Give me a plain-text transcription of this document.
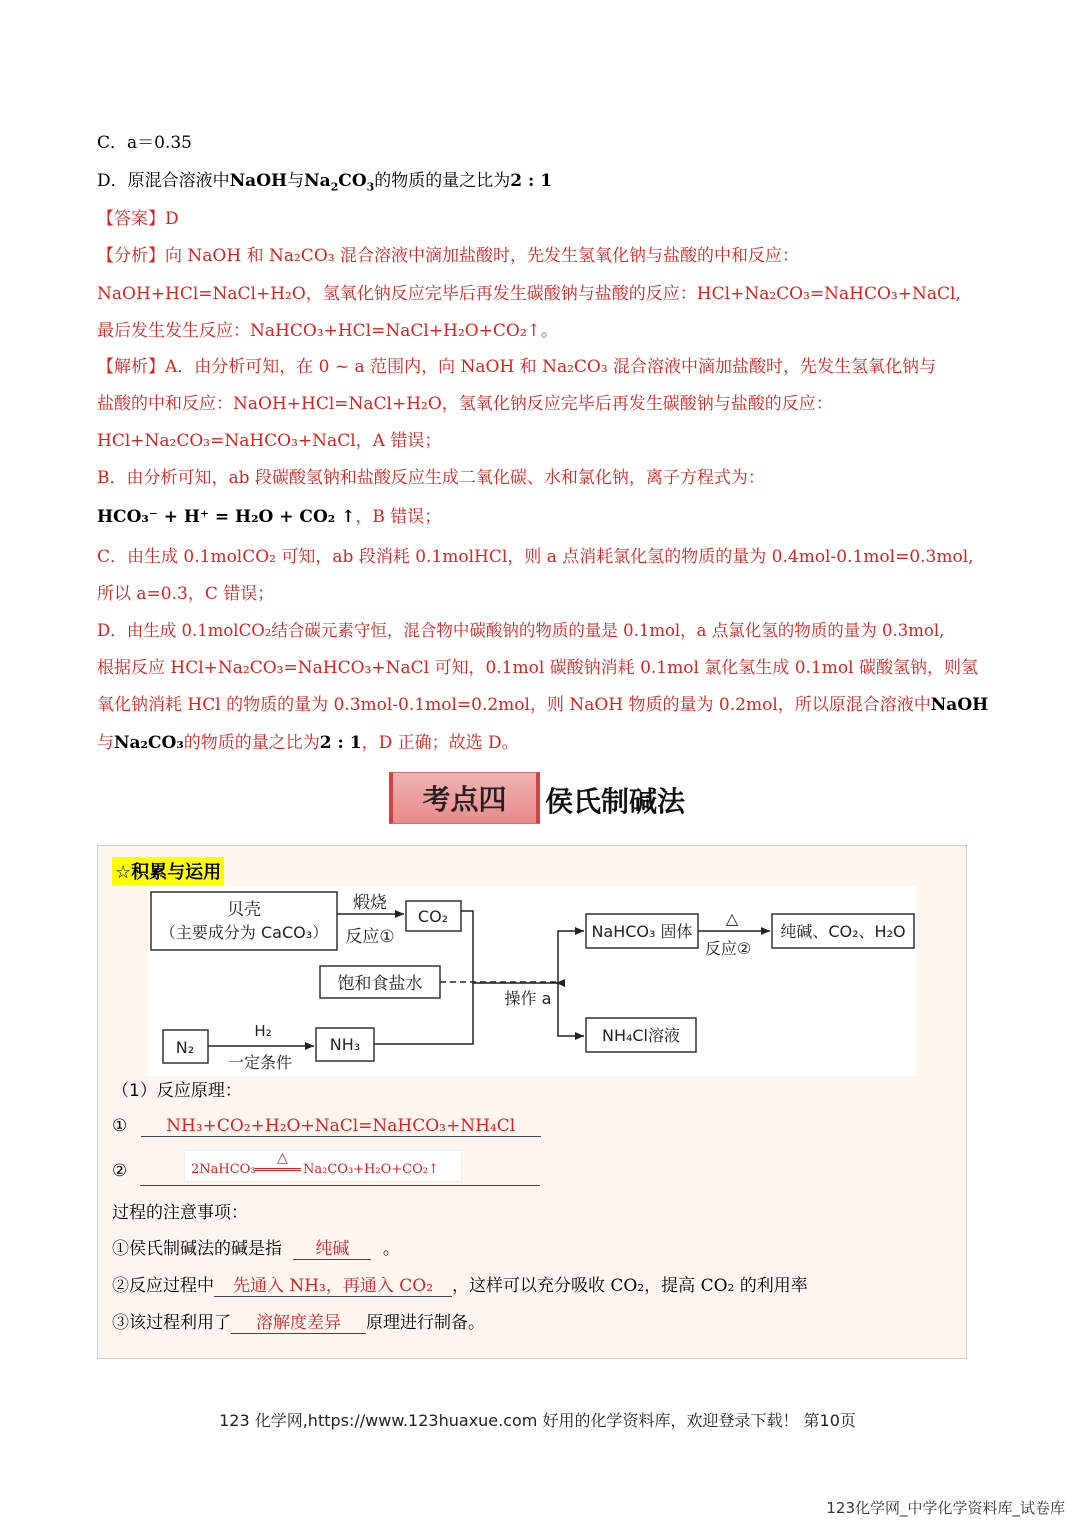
C．a＝0.35
D．原混合溶液中NaOH与$Na_2CO_3$的物质的量之比为2 : 1
【答案】D
【分析】向 NaOH 和 Na₂CO₃ 混合溶液中滴加盐酸时，先发生氢氧化钠与盐酸的中和反应：
NaOH+HCl=NaCl+H₂O，氢氧化钠反应完毕后再发生碳酸钠与盐酸的反应：HCl+Na₂CO₃=NaHCO₃+NaCl,
最后发生发生反应：NaHCO₃+HCl=NaCl+H₂O+CO₂↑。
【解析】A．由分析可知，在 0 ~ a 范围内，向 NaOH 和 Na₂CO₃ 混合溶液中滴加盐酸时，先发生氢氧化钠与
盐酸的中和反应：NaOH+HCl=NaCl+H₂O，氢氧化钠反应完毕后再发生碳酸钠与盐酸的反应：
HCl+Na₂CO₃=NaHCO₃+NaCl，A 错误；
B．由分析可知，ab 段碳酸氢钠和盐酸反应生成二氧化碳、水和氯化钠，离子方程式为：
HCO₃⁻ + H⁺ = H₂O + CO₂ ↑，B 错误；
C．由生成 0.1molCO₂ 可知，ab 段消耗 0.1molHCl，则 a 点消耗氯化氢的物质的量为 0.4mol-0.1mol=0.3mol,
所以 a=0.3，C 错误；
D．由生成 0.1molCO₂结合碳元素守恒，混合物中碳酸钠的物质的量是 0.1mol，a 点氯化氢的物质的量为 0.3mol,
根据反应 HCl+Na₂CO₃=NaHCO₃+NaCl 可知，0.1mol 碳酸钠消耗 0.1mol 氯化氢生成 0.1mol 碳酸氢钠，则氢
氧化钠消耗 HCl 的物质的量为 0.3mol-0.1mol=0.2mol，则 NaOH 物质的量为 0.2mol，所以原混合溶液中NaOH
与Na₂CO₃的物质的量之比为2 : 1，D 正确；故选 D。
考点四 侯氏制碱法
☆积累与运用
贝壳
（主要成分为 CaCO₃）
煅烧
反应①
CO₂
饱和食盐水
操作 a
N₂
H₂
一定条件
NH₃
NaHCO₃ 固体
△
反应②
纯碱、CO₂、H₂O
NH₄Cl溶液
（1）反应原理：
① NH₃+CO₂+H₂O+NaCl=NaHCO₃+NH₄Cl
②	2NaHCO₃
△
Na₂CO₃+H₂O+CO₂↑
过程的注意事项：
①侯氏制碱法的碱是指 纯碱 。
②反应过程中 先通入 NH₃，再通入 CO₂ ，这样可以充分吸收 CO₂，提高 CO₂ 的利用率
③该过程利用了 溶解度差异 原理进行制备。
123 化学网,https://www.123huaxue.com 好用的化学资料库，欢迎登录下载！ 第10页
123化学网_中学化学资料库_试卷库
